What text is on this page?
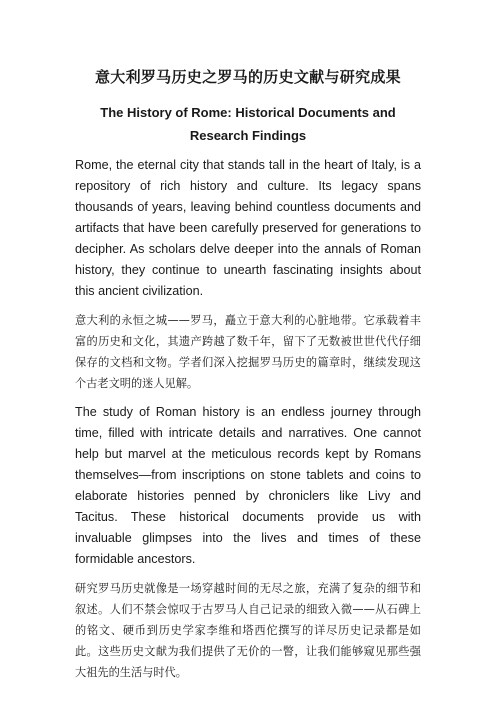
意大利罗马历史之罗马的历史文献与研究成果
The History of Rome: Historical Documents and Research Findings

Rome, the eternal city that stands tall in the heart of Italy, is a repository of rich history and culture. Its legacy spans thousands of years, leaving behind countless documents and artifacts that have been carefully preserved for generations to decipher. As scholars delve deeper into the annals of Roman history, they continue to unearth fascinating insights about this ancient civilization.

意大利的永恒之城——罗马，矗立于意大利的心脏地带。它承载着丰富的历史和文化，其遗产跨越了数千年，留下了无数被世世代代仔细保存的文档和文物。学者们深入挖掘罗马历史的篇章时，继续发现这个古老文明的迷人见解。

The study of Roman history is an endless journey through time, filled with intricate details and narratives. One cannot help but marvel at the meticulous records kept by Romans themselves—from inscriptions on stone tablets and coins to elaborate histories penned by chroniclers like Livy and Tacitus. These historical documents provide us with invaluable glimpses into the lives and times of these formidable ancestors.

研究罗马历史就像是一场穿越时间的无尽之旅，充满了复杂的细节和叙述。人们不禁会惊叹于古罗马人自己记录的细致入微——从石碑上的铭文、硬币到历史学家李维和塔西佗撰写的详尽历史记录都是如此。这些历史文献为我们提供了无价的一瞥，让我们能够窥见那些强大祖先的生活与时代。
